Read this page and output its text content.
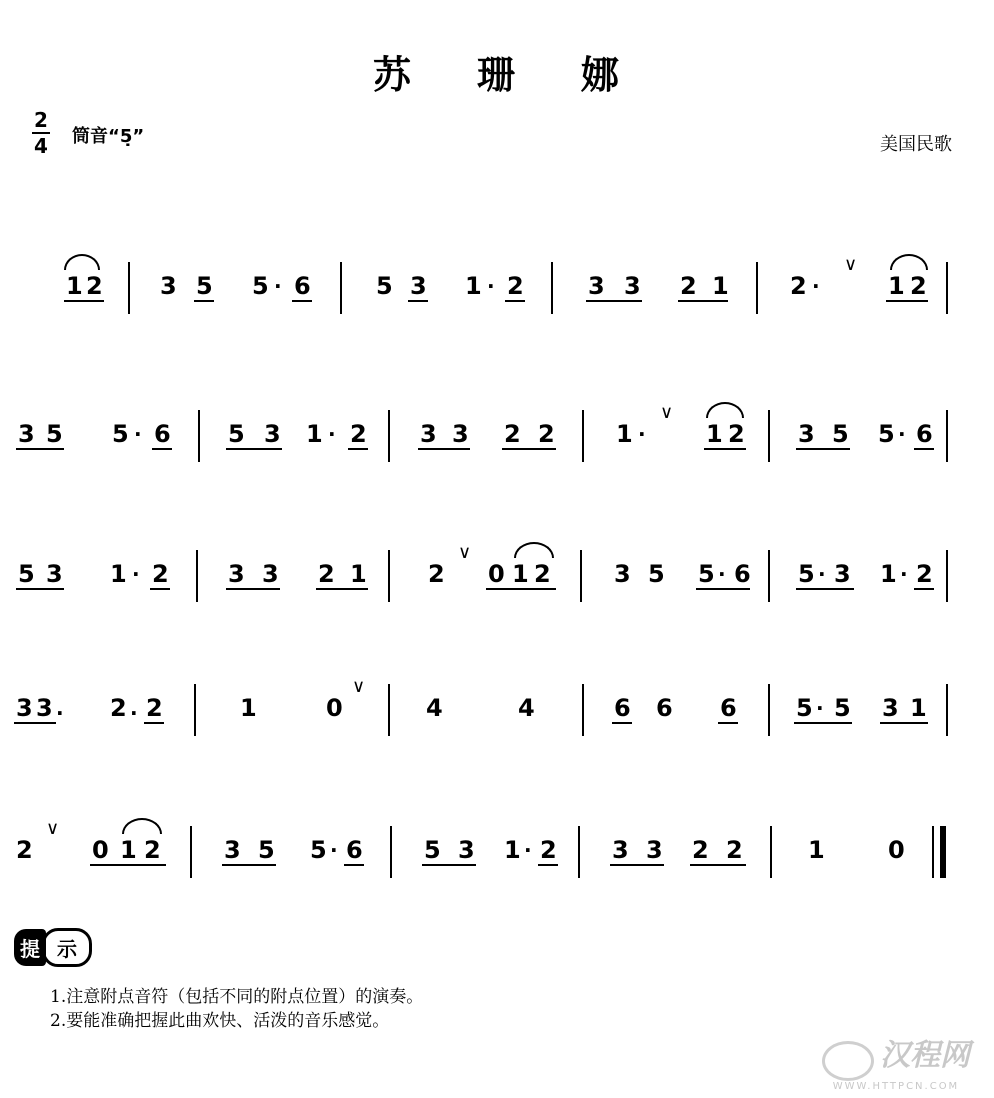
苏 珊 娜
2
4 筒音“5̣”	美国民歌
1 2 3 5 5 · 6	5 3 1 · 2	3 3 2 1	2 ·
∨
1 2
3 5 5 · 6 5 3 1 · 2 3 3 2 2	1 ·
∨
1 2 3 5 5 · 6
5 3 1 · 2 3 3 2 1	2
∨
0 1 2	3 5 5 · 6 5 · 3 1 · 2
3 3 . 2 . 2	1	0
∨
4	4	6 6 6 5 · 5 3 1
2
∨
0 1 2	3 5 5 · 6	5 3 1 · 2 3 3 2 2	1	0
提 示
1.注意附点音符（包括不同的附点位置）的演奏。
2.要能准确把握此曲欢快、活泼的音乐感觉。
汉程网
WWW.HTTPCN.COM
